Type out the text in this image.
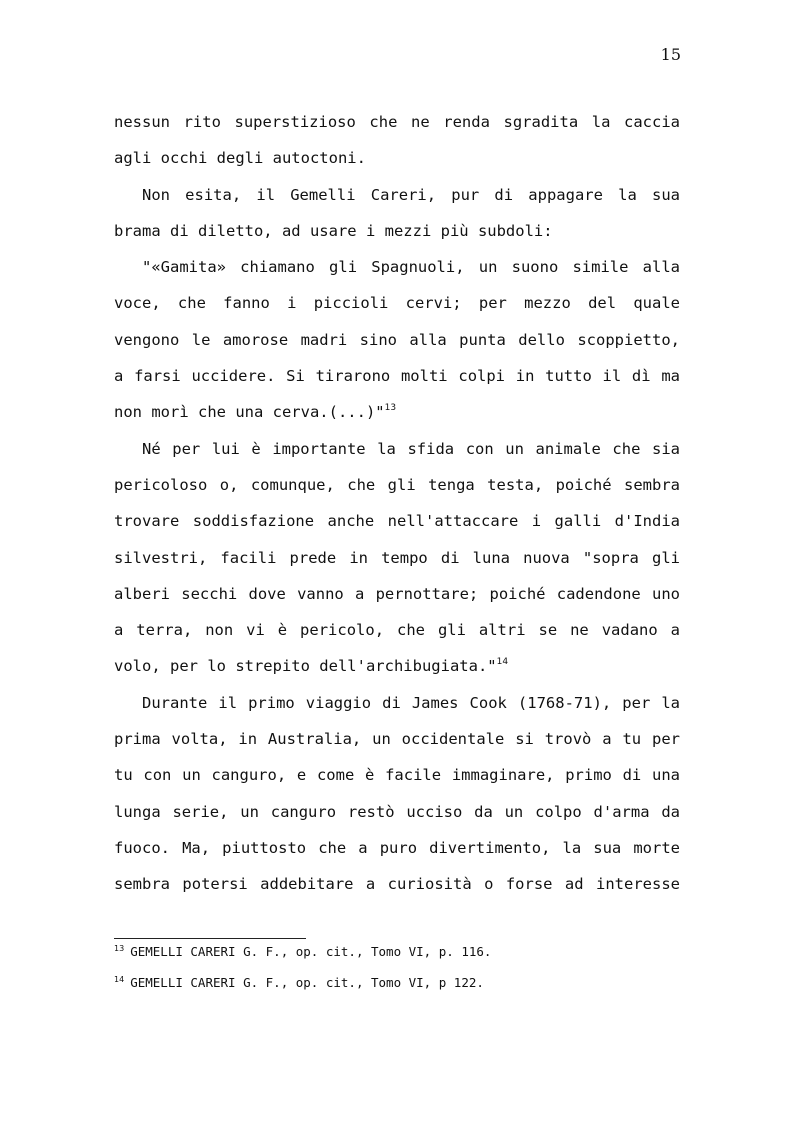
15

nessun rito superstizioso che ne renda sgradita la caccia
agli occhi degli autoctoni.

Non esita, il Gemelli Careri, pur di appagare la sua
brama di diletto, ad usare i mezzi più subdoli:

"«Gamita» chiamano gli Spagnuoli, un suono simile alla
voce, che fanno i piccioli cervi; per mezzo del quale
vengono le amorose madri sino alla punta dello scoppietto,
a farsi uccidere. Si tirarono molti colpi in tutto il dì ma
non morì che una cerva.(...)"$^{13}$

Né per lui è importante la sfida con un animale che sia
pericoloso o, comunque, che gli tenga testa, poiché sembra
trovare soddisfazione anche nell'attaccare i galli d'India
silvestri, facili prede in tempo di luna nuova "sopra gli
alberi secchi dove vanno a pernottare; poiché cadendone uno
a terra, non vi è pericolo, che gli altri se ne vadano a
volo, per lo strepito dell'archibugiata."$^{14}$

Durante il primo viaggio di James Cook (1768-71), per la
prima volta, in Australia, un occidentale si trovò a tu per
tu con un canguro, e come è facile immaginare, primo di una
lunga serie, un canguro restò ucciso da un colpo d'arma da
fuoco. Ma, piuttosto che a puro divertimento, la sua morte
sembra potersi addebitare a curiosità o forse ad interesse

$^{13}$ GEMELLI CARERI G. F., op. cit., Tomo VI, p. 116.

$^{14}$ GEMELLI CARERI G. F., op. cit., Tomo VI, p 122.
